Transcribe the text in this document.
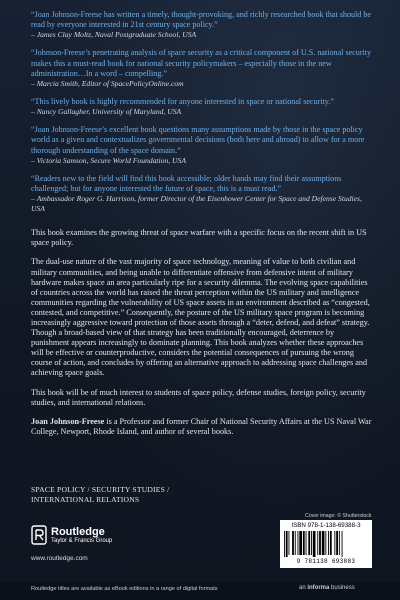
“Joan Johnson-Freese has written a timely, thought-provoking, and richly researched book that should be read by everyone interested in 21st century space policy.”

– James Clay Moltz, Naval Postgraduate School, USA

“Johnson-Freese’s penetrating analysis of space security as a critical component of U.S. national security makes this a must-read book for national security policymakers – especially those in the new administration…In a word – compelling.”

– Marcia Smith, Editor of SpacePolicyOnline.com

“This lively book is highly recommended for anyone interested in space or national security.”

– Nancy Gallagher, University of Maryland, USA

“Joan Johnson-Freese’s excellent book questions many assumptions made by those in the space policy world as a given and contextualizes governmental decisions (both here and abroad) to allow for a more thorough understanding of the space domain.”

– Victoria Samson, Secure World Foundation, USA

“Readers new to the field will find this book accessible; older hands may find their assumptions challenged; but for anyone interested the future of space, this is a must read.”

– Ambassador Roger G. Harrison, former Director of the Eisenhower Center for Space and Defense Studies, USA

This book examines the growing threat of space warfare with a specific focus on the recent shift in US space policy.

The dual-use nature of the vast majority of space technology, meaning of value to both civilian and military communities, and being unable to differentiate offensive from defensive intent of military hardware makes space an area particularly ripe for a security dilemma. The evolving space capabilities of countries across the world has raised the threat perception within the US military and intelligence communities regarding the vulnerability of US space assets in an environment described as “congested, contested, and competitive.” Consequently, the posture of the US military space program is becoming increasingly aggressive toward protection of those assets through a “deter, defend, and defeat” strategy. Though a broad-based view of that strategy has been traditionally encouraged, deterrence by punishment appears increasingly to dominate planning. This book analyzes whether these approaches will be effective or counterproductive, considers the potential consequences of pursuing the wrong course of action, and concludes by offering an alternative approach to addressing space challenges and achieving space goals.

This book will be of much interest to students of space policy, defense studies, foreign policy, security studies, and international relations.

Joan Johnson-Freese is a Professor and former Chair of National Security Affairs at the US Naval War College, Newport, Rhode Island, and author of several books.

SPACE POLICY / SECURITY STUDIES / INTERNATIONAL RELATIONS
Routledge
Taylor & Francis Group
www.routledge.com
Cover image: © Shutterstock
ISBN 978-1-138-69388-3
9 781138 693883
Routledge titles are available as eBook editions in a range of digital formats	an informa business
